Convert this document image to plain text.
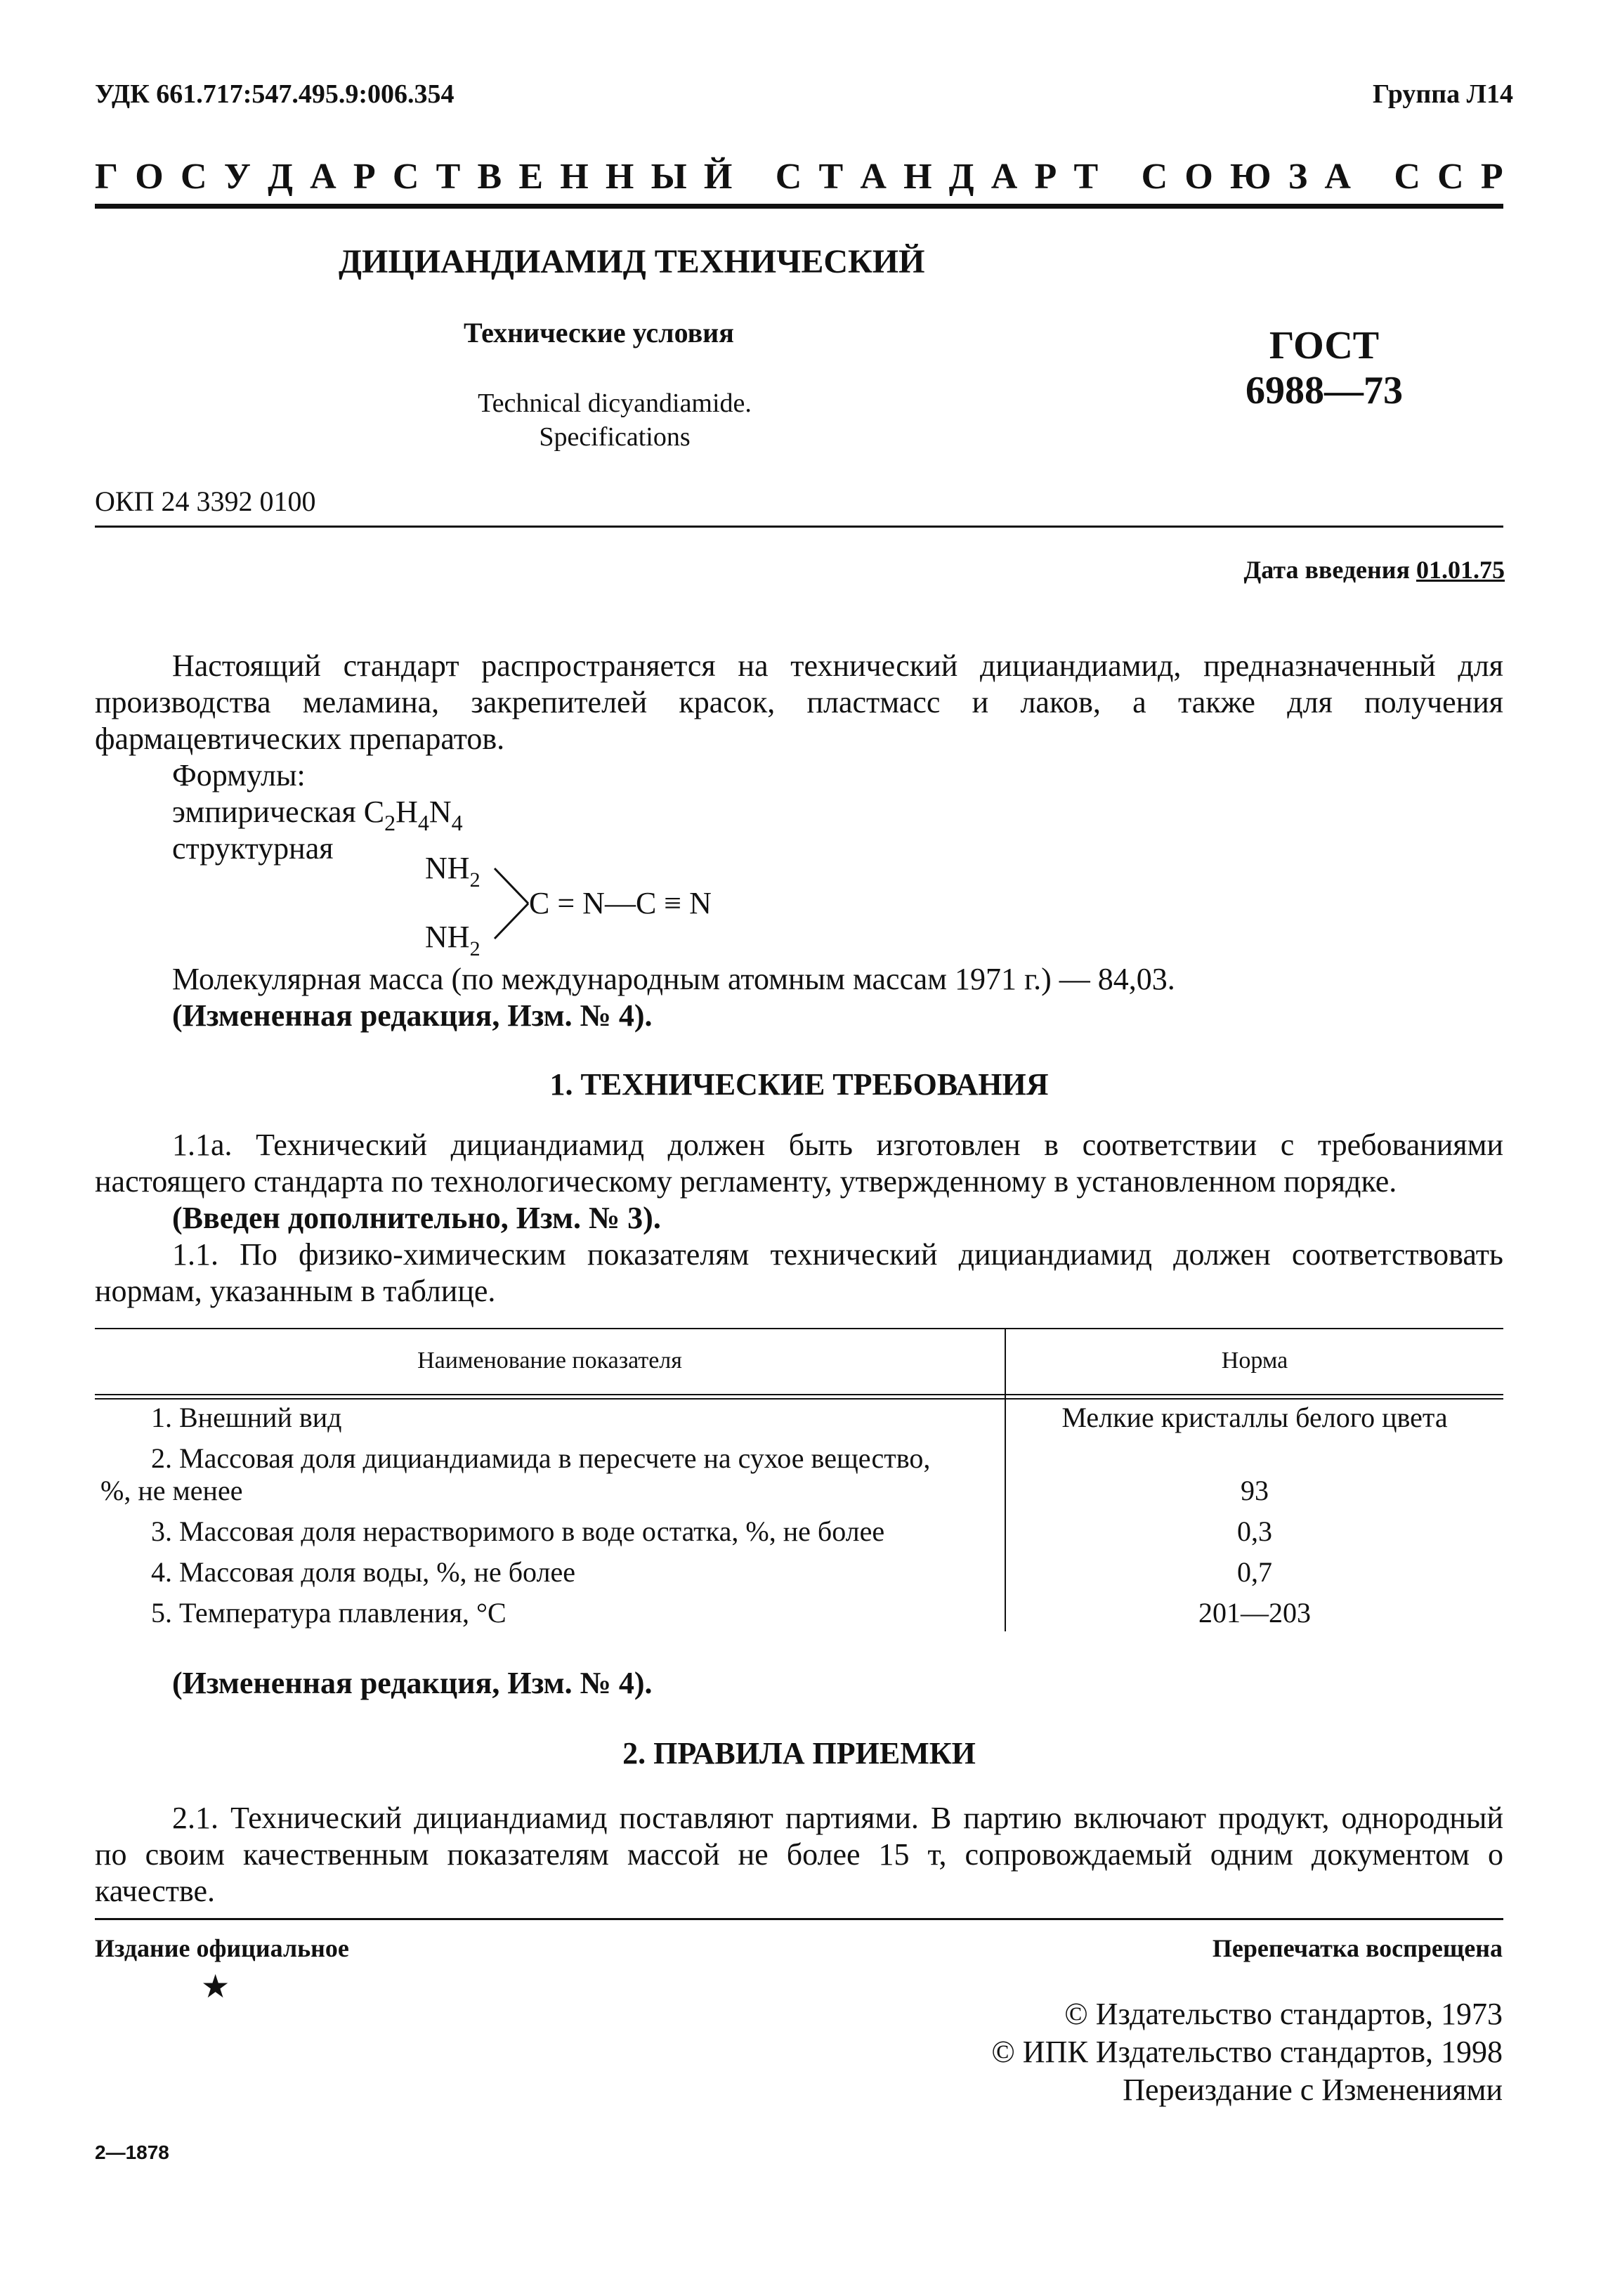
УДК 661.717:547.495.9:006.354	Группа Л14
Г О С У Д А Р С Т В Е Н Н Ы Й
С Т А Н Д А Р Т
С О Ю З А
С С Р
ДИЦИАНДИАМИД ТЕХНИЧЕСКИЙ
Технические условия
Technical dicyandiamide.
Specifications
ГОСТ
6988—73
ОКП 24 3392 0100
Дата введения 01.01.75
Настоящий стандарт распространяется на технический дициандиамид, предназначенный для производства меламина, закрепителей красок, пластмасс и лаков, а также для получения фармацевтических препаратов.
Формулы:
эмпирическая $C_2H_4N_4$
структурная
$NH_2$
$NH_2$
C = N—C ≡ N
Молекулярная масса (по международным атомным массам 1971 г.) — 84,03.
(Измененная редакция, Изм. № 4).
1. ТЕХНИЧЕСКИЕ ТРЕБОВАНИЯ
1.1а. Технический дициандиамид должен быть изготовлен в соответствии с требованиями настоящего стандарта по технологическому регламенту, утвержденному в установленном порядке.
(Введен дополнительно, Изм. № 3).
1.1. По физико-химическим показателям технический дициандиамид должен соответствовать нормам, указанным в таблице.
Наименование показателя	Норма
1. Внешний вид	Мелкие кристаллы белого цвета
2. Массовая доля дициандиамида в пересчете на сухое вещество,
%, не менее	93
3. Массовая доля нерастворимого в воде остатка, %, не более	0,3
4. Массовая доля воды, %, не более	0,7
5. Температура плавления, °С	201—203
(Измененная редакция, Изм. № 4).
2. ПРАВИЛА ПРИЕМКИ
2.1. Технический дициандиамид поставляют партиями. В партию включают продукт, однородный по своим качественным показателям массой не более 15 т, сопровождаемый одним документом о качестве.
Издание официальное	Перепечатка воспрещена
★
© Издательство стандартов, 1973
© ИПК Издательство стандартов, 1998
Переиздание с Изменениями
2—1878
